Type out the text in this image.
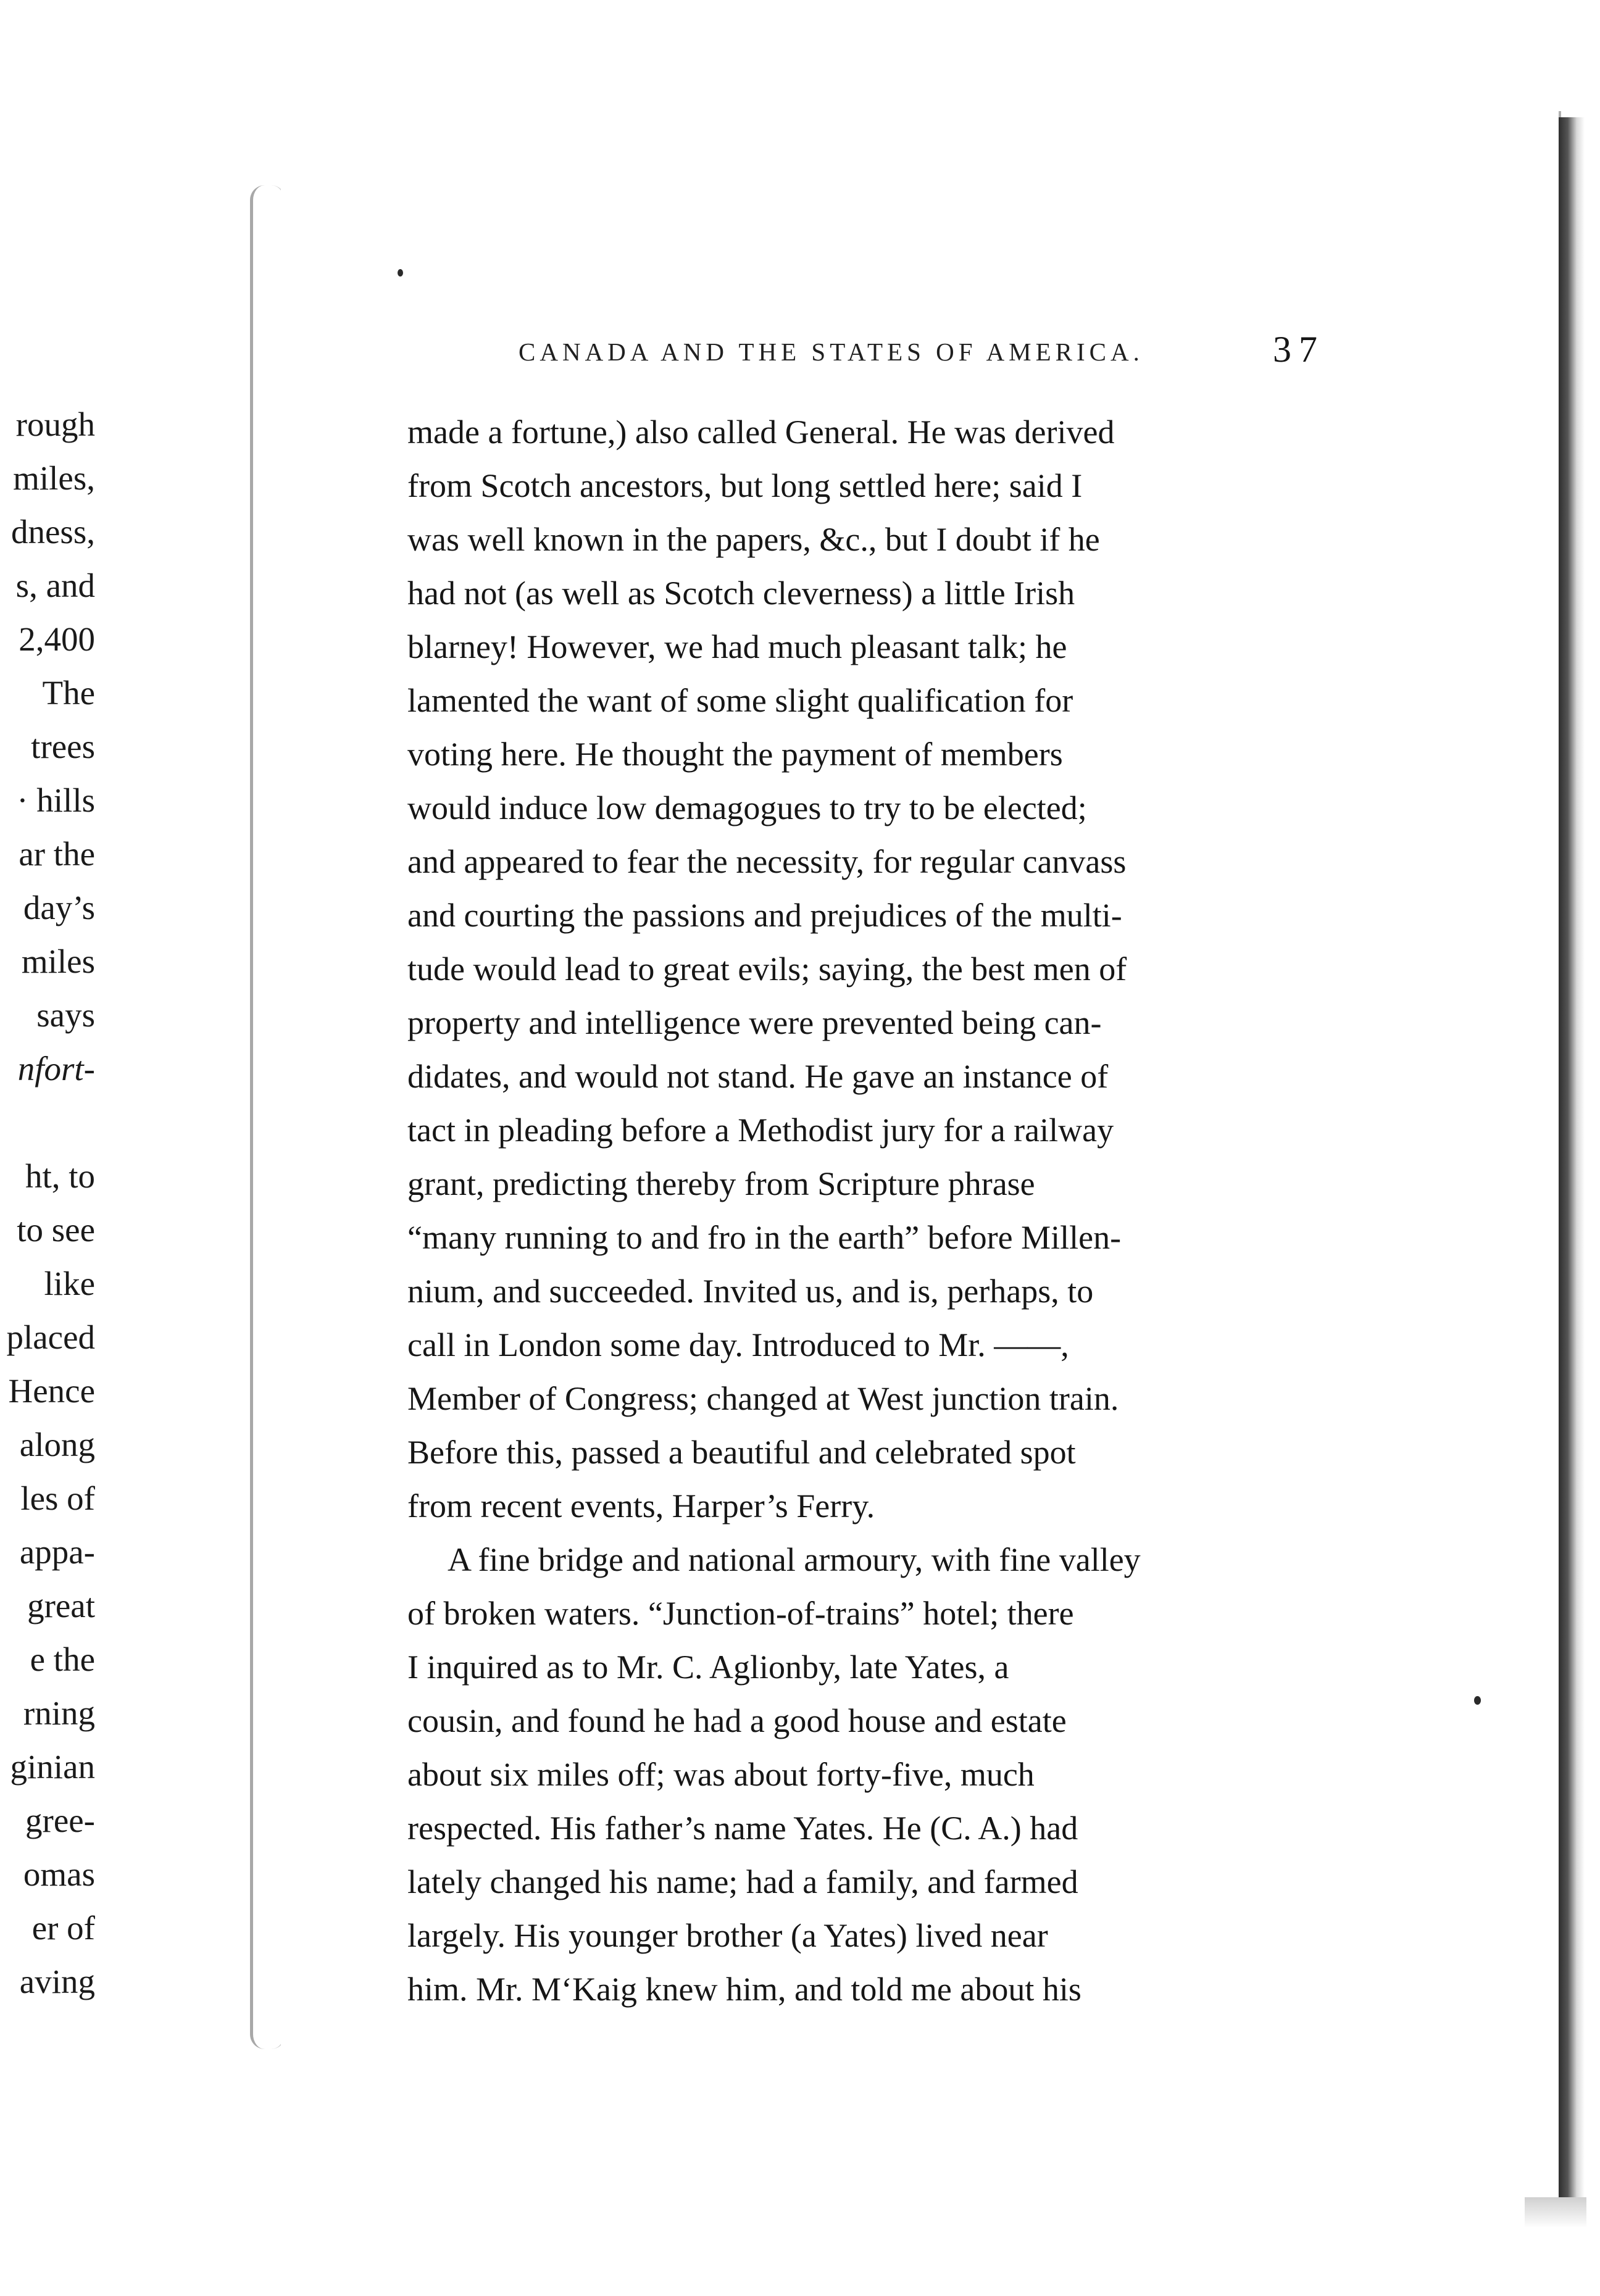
rough
miles,
dness,
s, and
2,400
The
trees
· hills
ar the
day’s
miles
says
nfort-
ht, to
to see
like
placed
Hence
along
les of
appa-
great
e the
rning
ginian
gree-
omas
er of
aving
CANADA AND THE STATES OF AMERICA.	37
made a fortune,) also called General. He was derived
from Scotch ancestors, but long settled here; said I
was well known in the papers, &c., but I doubt if he
had not (as well as Scotch cleverness) a little Irish
blarney! However, we had much pleasant talk; he
lamented the want of some slight qualification for
voting here. He thought the payment of members
would induce low demagogues to try to be elected;
and appeared to fear the necessity, for regular canvass
and courting the passions and prejudices of the multi-
tude would lead to great evils; saying, the best men of
property and intelligence were prevented being can-
didates, and would not stand. He gave an instance of
tact in pleading before a Methodist jury for a railway
grant, predicting thereby from Scripture phrase
“many running to and fro in the earth” before Millen-
nium, and succeeded. Invited us, and is, perhaps, to
call in London some day. Introduced to Mr. ——,
Member of Congress; changed at West junction train.
Before this, passed a beautiful and celebrated spot
from recent events, Harper’s Ferry.
A fine bridge and national armoury, with fine valley
of broken waters. “Junction-of-trains” hotel; there
I inquired as to Mr. C. Aglionby, late Yates, a
cousin, and found he had a good house and estate
about six miles off; was about forty-five, much
respected. His father’s name Yates. He (C. A.) had
lately changed his name; had a family, and farmed
largely. His younger brother (a Yates) lived near
him. Mr. M‘Kaig knew him, and told me about his
